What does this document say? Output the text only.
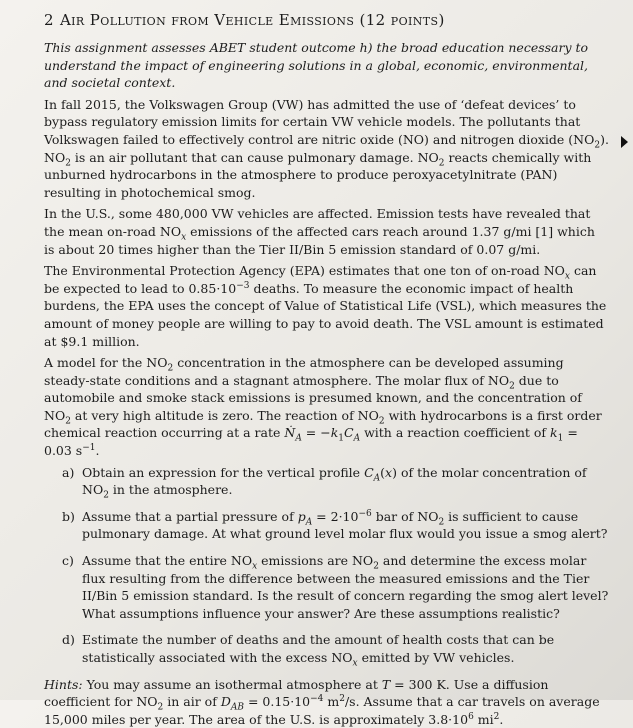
2 Air Pollution from Vehicle Emissions (12 points)

This assignment assesses ABET student outcome h) the broad education necessary to understand the impact of engineering solutions in a global, economic, environmental, and societal context.

In fall 2015, the Volkswagen Group (VW) has admitted the use of ‘defeat devices’ to bypass regulatory emission limits for certain VW vehicle models. The pollutants that Volkswagen failed to effectively control are nitric oxide (NO) and nitrogen dioxide $(NO_2)$. $NO_2$ is an air pollutant that can cause pulmonary damage. $NO_2$ reacts chemically with unburned hydrocarbons in the atmosphere to produce peroxyacetylnitrate (PAN) resulting in photochemical smog.

In the U.S., some 480,000 VW vehicles are affected. Emission tests have revealed that the mean on-road $NO_x$ emissions of the affected cars reach around 1.37 g/mi [1] which is about 20 times higher than the Tier II/Bin 5 emission standard of 0.07 g/mi.

The Environmental Protection Agency (EPA) estimates that one ton of on-road $NO_x$ can be expected to lead to $0.85\cdot 10^{-3}$ deaths. To measure the economic impact of health burdens, the EPA uses the concept of Value of Statistical Life (VSL), which measures the amount of money people are willing to pay to avoid death. The VSL amount is estimated at $9.1 million.

A model for the $NO_2$ concentration in the atmosphere can be developed assuming steady-state conditions and a stagnant atmosphere. The molar flux of $NO_2$ due to automobile and smoke stack emissions is presumed known, and the concentration of $NO_2$ at very high altitude is zero. The reaction of $NO_2$ with hydrocarbons is a first order chemical reaction occurring at a rate Ṅ$_A$ = $-k_1C_A$ with a reaction coefficient of $k_1 = 0.03$ $s^{-1}$.

a) Obtain an expression for the vertical profile $C_A(x)$ of the molar concentration of $NO_2$ in the atmosphere.
b) Assume that a partial pressure of $p_A = 2\cdot 10^{-6}$ bar of $NO_2$ is sufficient to cause pulmonary damage. At what ground level molar flux would you issue a smog alert?
c) Assume that the entire $NO_x$ emissions are $NO_2$ and determine the excess molar flux resulting from the difference between the measured emissions and the Tier II/Bin 5 emission standard. Is the result of concern regarding the smog alert level? What assumptions influence your answer? Are these assumptions realistic?
d) Estimate the number of deaths and the amount of health costs that can be statistically associated with the excess $NO_x$ emitted by VW vehicles.

Hints: You may assume an isothermal atmosphere at T = 300 K. Use a diffusion coefficient for $NO_2$ in air of $D_{AB} = 0.15\cdot 10^{-4}$ $m^2/s$. Assume that a car travels on average 15,000 miles per year. The area of the U.S. is approximately $3.8\cdot 10^6$ $mi^2$.
